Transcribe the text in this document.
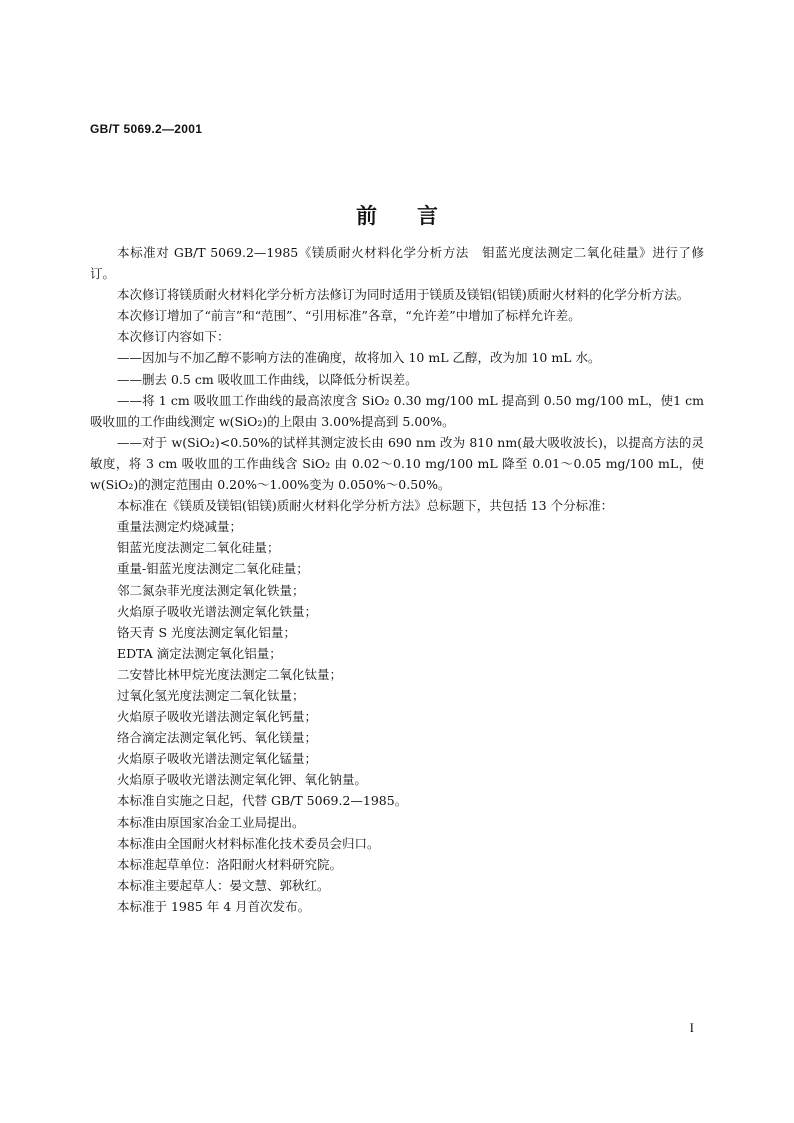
GB/T 5069.2—2001
前 言

本标准对 GB/T 5069.2—1985《镁质耐火材料化学分析方法　钼蓝光度法测定二氧化硅量》进行了修订。

本次修订将镁质耐火材料化学分析方法修订为同时适用于镁质及镁铝(铝镁)质耐火材料的化学分析方法。

本次修订增加了“前言”和“范围”、“引用标准”各章，“允许差”中增加了标样允许差。

本次修订内容如下：

——因加与不加乙醇不影响方法的准确度，故将加入 10 mL 乙醇，改为加 10 mL 水。

——删去 0.5 cm 吸收皿工作曲线，以降低分析误差。

——将 1 cm 吸收皿工作曲线的最高浓度含 SiO₂ 0.30 mg/100 mL 提高到 0.50 mg/100 mL，使1 cm吸收皿的工作曲线测定 w(SiO₂)的上限由 3.00%提高到 5.00%。

——对于 w(SiO₂)<0.50%的试样其测定波长由 690 nm 改为 810 nm(最大吸收波长)，以提高方法的灵敏度，将 3 cm 吸收皿的工作曲线含 SiO₂ 由 0.02～0.10 mg/100 mL 降至 0.01～0.05 mg/100 mL，使 w(SiO₂)的测定范围由 0.20%～1.00%变为 0.050%～0.50%。

本标准在《镁质及镁铝(铝镁)质耐火材料化学分析方法》总标题下，共包括 13 个分标准：

重量法测定灼烧减量；
钼蓝光度法测定二氧化硅量；
重量-钼蓝光度法测定二氧化硅量；
邻二氮杂菲光度法测定氧化铁量；
火焰原子吸收光谱法测定氧化铁量；
铬天青 S 光度法测定氧化铝量；
EDTA 滴定法测定氧化铝量；
二安替比林甲烷光度法测定二氧化钛量；
过氧化氢光度法测定二氧化钛量；
火焰原子吸收光谱法测定氧化钙量；
络合滴定法测定氧化钙、氧化镁量；
火焰原子吸收光谱法测定氧化锰量；
火焰原子吸收光谱法测定氧化钾、氧化钠量。

本标准自实施之日起，代替 GB/T 5069.2—1985。

本标准由原国家冶金工业局提出。

本标准由全国耐火材料标准化技术委员会归口。

本标准起草单位：洛阳耐火材料研究院。

本标准主要起草人：晏文慧、郭秋红。

本标准于 1985 年 4 月首次发布。

I
